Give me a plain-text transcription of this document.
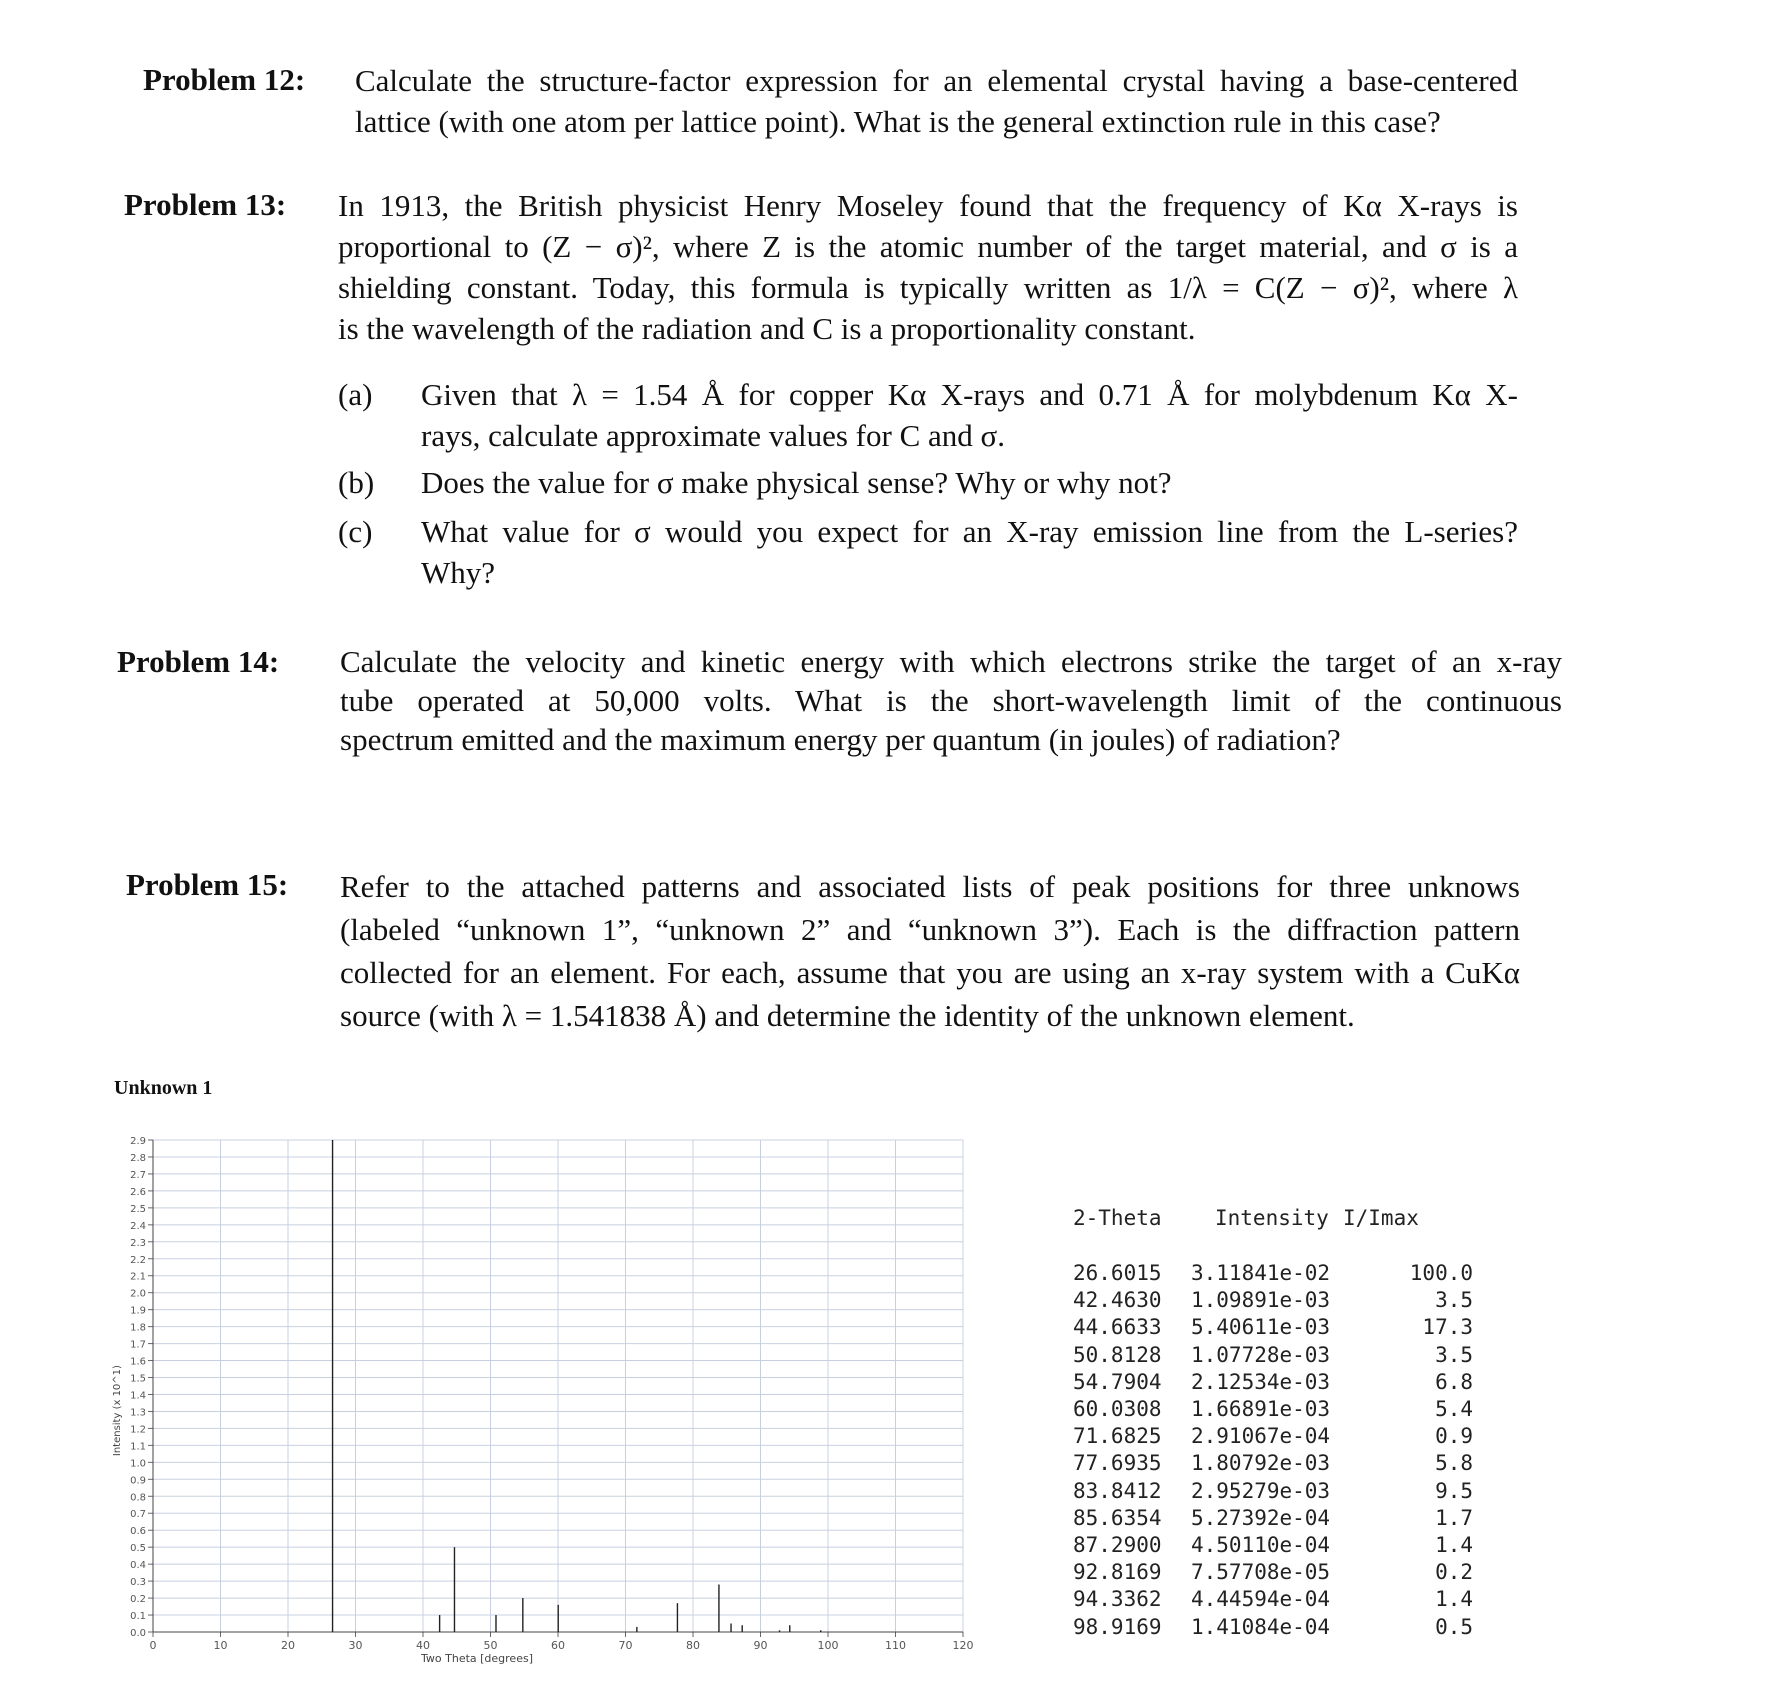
Problem 12: Calculate the structure-factor expression for an elemental crystal having a base-centered
lattice (with one atom per lattice point). What is the general extinction rule in this case?
Problem 13: In 1913, the British physicist Henry Moseley found that the frequency of Kα X-rays is
proportional to (Z − σ)², where Z is the atomic number of the target material, and σ is a
shielding constant. Today, this formula is typically written as 1/λ = C(Z − σ)², where λ
is the wavelength of the radiation and C is a proportionality constant.
(a) Given that λ = 1.54 Å for copper Kα X-rays and 0.71 Å for molybdenum Kα X-
rays, calculate approximate values for C and σ.
(b) Does the value for σ make physical sense? Why or why not?
(c) What value for σ would you expect for an X-ray emission line from the L-series?
Why?
Problem 14: Calculate the velocity and kinetic energy with which electrons strike the target of an x-ray
tube operated at 50,000 volts. What is the short-wavelength limit of the continuous
spectrum emitted and the maximum energy per quantum (in joules) of radiation?
Problem 15: Refer to the attached patterns and associated lists of peak positions for three unknows
(labeled “unknown 1”, “unknown 2” and “unknown 3”). Each is the diffraction pattern
collected for an element. For each, assume that you are using an x-ray system with a CuKα
source (with λ = 1.541838 Å) and determine the identity of the unknown element.
Unknown 1
0	10	20	30	40	50	60	70	80	90	100	110	120
0.0
0.1
0.2
0.3
0.4
0.5
0.6
0.7
0.8
0.9
1.0
1.1
1.2
1.3
1.4
1.5
1.6
1.7
1.8
1.9
2.0
2.1
2.2
2.3
2.4
2.5
2.6
2.7
2.8
2.9
Two Theta [degrees]
Intensity (x 10^1)
2-Theta	Intensity I/Imax
26.6015 3.11841e-02	100.0
42.4630 1.09891e-03	3.5
44.6633 5.40611e-03	17.3
50.8128 1.07728e-03	3.5
54.7904 2.12534e-03	6.8
60.0308 1.66891e-03	5.4
71.6825 2.91067e-04	0.9
77.6935 1.80792e-03	5.8
83.8412 2.95279e-03	9.5
85.6354 5.27392e-04	1.7
87.2900 4.50110e-04	1.4
92.8169 7.57708e-05	0.2
94.3362 4.44594e-04	1.4
98.9169 1.41084e-04	0.5
